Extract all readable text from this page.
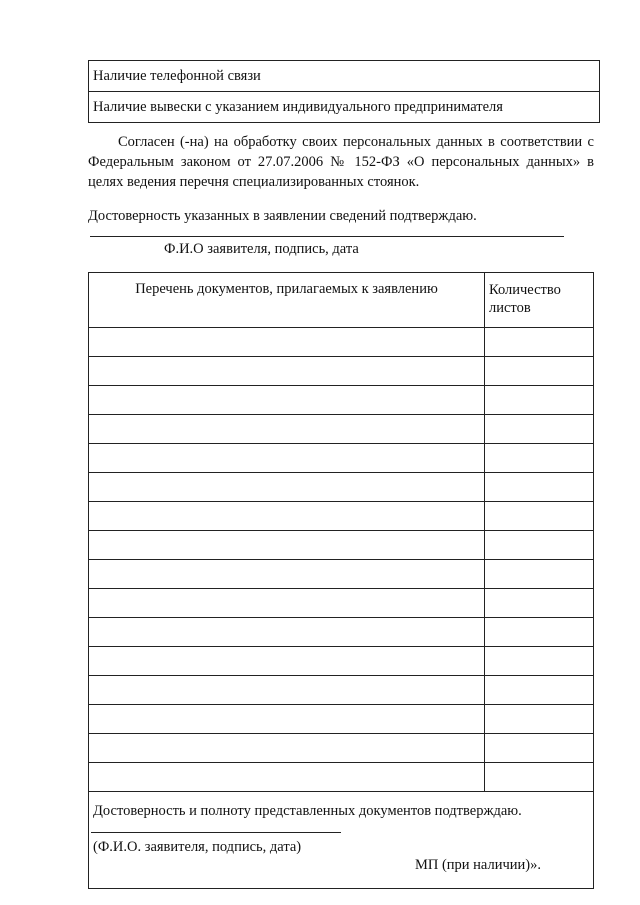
Наличие телефонной связи
Наличие вывески с указанием индивидуального предпринимателя

Согласен (-на) на обработку своих персональных данных в соответствии с Федеральным законом от 27.07.2006 № 152-ФЗ «О персональных данных» в целях ведения перечня специализированных стоянок.

Достоверность указанных в заявлении сведений подтверждаю.

Ф.И.О заявителя, подпись, дата

Перечень документов, прилагаемых к заявлению	Количество листов

Достоверность и полноту представленных документов подтверждаю.
(Ф.И.О. заявителя, подпись, дата)
МП (при наличии)».	
